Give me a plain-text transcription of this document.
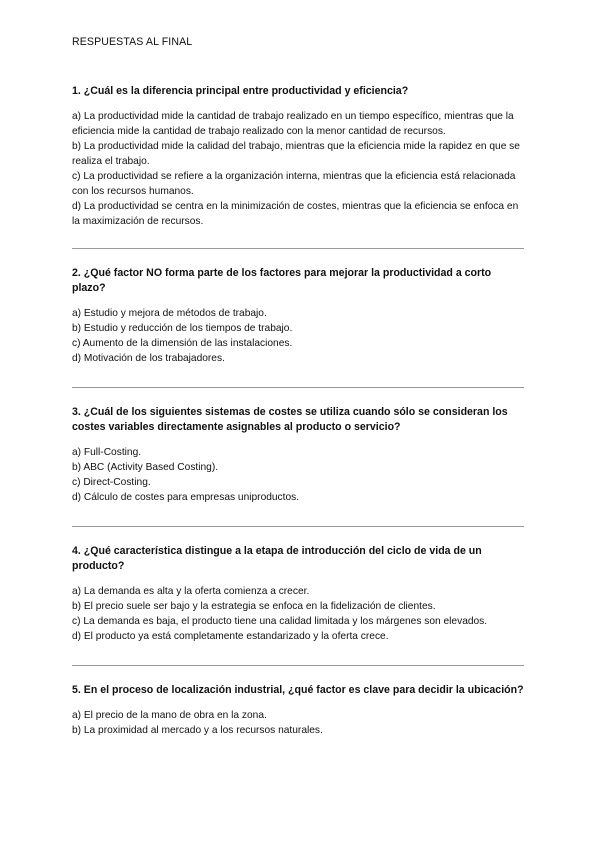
RESPUESTAS AL FINAL

1. ¿Cuál es la diferencia principal entre productividad y eficiencia?

a) La productividad mide la cantidad de trabajo realizado en un tiempo específico, mientras que la eficiencia mide la cantidad de trabajo realizado con la menor cantidad de recursos.

b) La productividad mide la calidad del trabajo, mientras que la eficiencia mide la rapidez en que se realiza el trabajo.

c) La productividad se refiere a la organización interna, mientras que la eficiencia está relacionada con los recursos humanos.

d) La productividad se centra en la minimización de costes, mientras que la eficiencia se enfoca en la maximización de recursos.

2. ¿Qué factor NO forma parte de los factores para mejorar la productividad a corto plazo?

a) Estudio y mejora de métodos de trabajo.

b) Estudio y reducción de los tiempos de trabajo.

c) Aumento de la dimensión de las instalaciones.

d) Motivación de los trabajadores.

3. ¿Cuál de los siguientes sistemas de costes se utiliza cuando sólo se consideran los costes variables directamente asignables al producto o servicio?

a) Full-Costing.

b) ABC (Activity Based Costing).

c) Direct-Costing.

d) Cálculo de costes para empresas uniproductos.

4. ¿Qué característica distingue a la etapa de introducción del ciclo de vida de un producto?

a) La demanda es alta y la oferta comienza a crecer.

b) El precio suele ser bajo y la estrategia se enfoca en la fidelización de clientes.

c) La demanda es baja, el producto tiene una calidad limitada y los márgenes son elevados.

d) El producto ya está completamente estandarizado y la oferta crece.

5. En el proceso de localización industrial, ¿qué factor es clave para decidir la ubicación?

a) El precio de la mano de obra en la zona.

b) La proximidad al mercado y a los recursos naturales.
